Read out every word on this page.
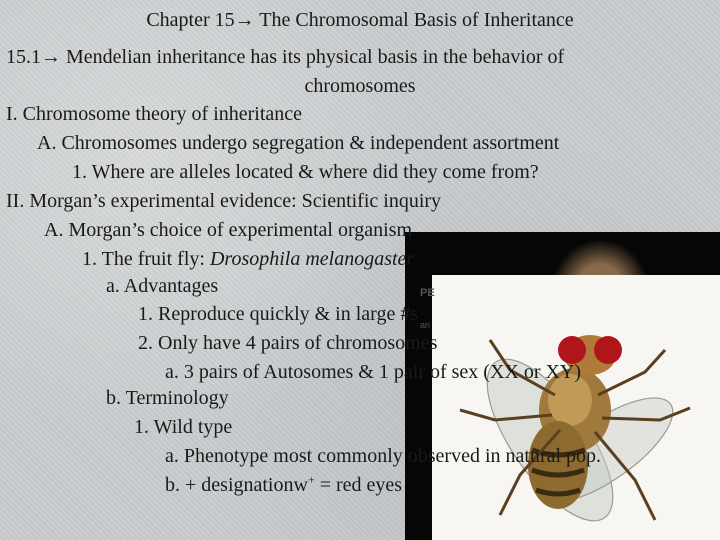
PE
an
Chapter 15→ The Chromosomal Basis of Inheritance
15.1→ Mendelian inheritance has its physical basis in the behavior of
chromosomes
I. Chromosome theory of inheritance
A. Chromosomes undergo segregation & independent assortment
1. Where are alleles located & where did they come from?
II. Morgan’s experimental evidence: Scientific inquiry
A. Morgan’s choice of experimental organism
1. The fruit fly: Drosophila melanogaster
a. Advantages
1. Reproduce quickly & in large #s
2. Only have 4 pairs of chromosomes
a. 3 pairs of Autosomes & 1 pair of sex (XX or XY)
b. Terminology
1. Wild type
a. Phenotype most commonly observed in natural pop.
b. + designationw+ = red eyes
